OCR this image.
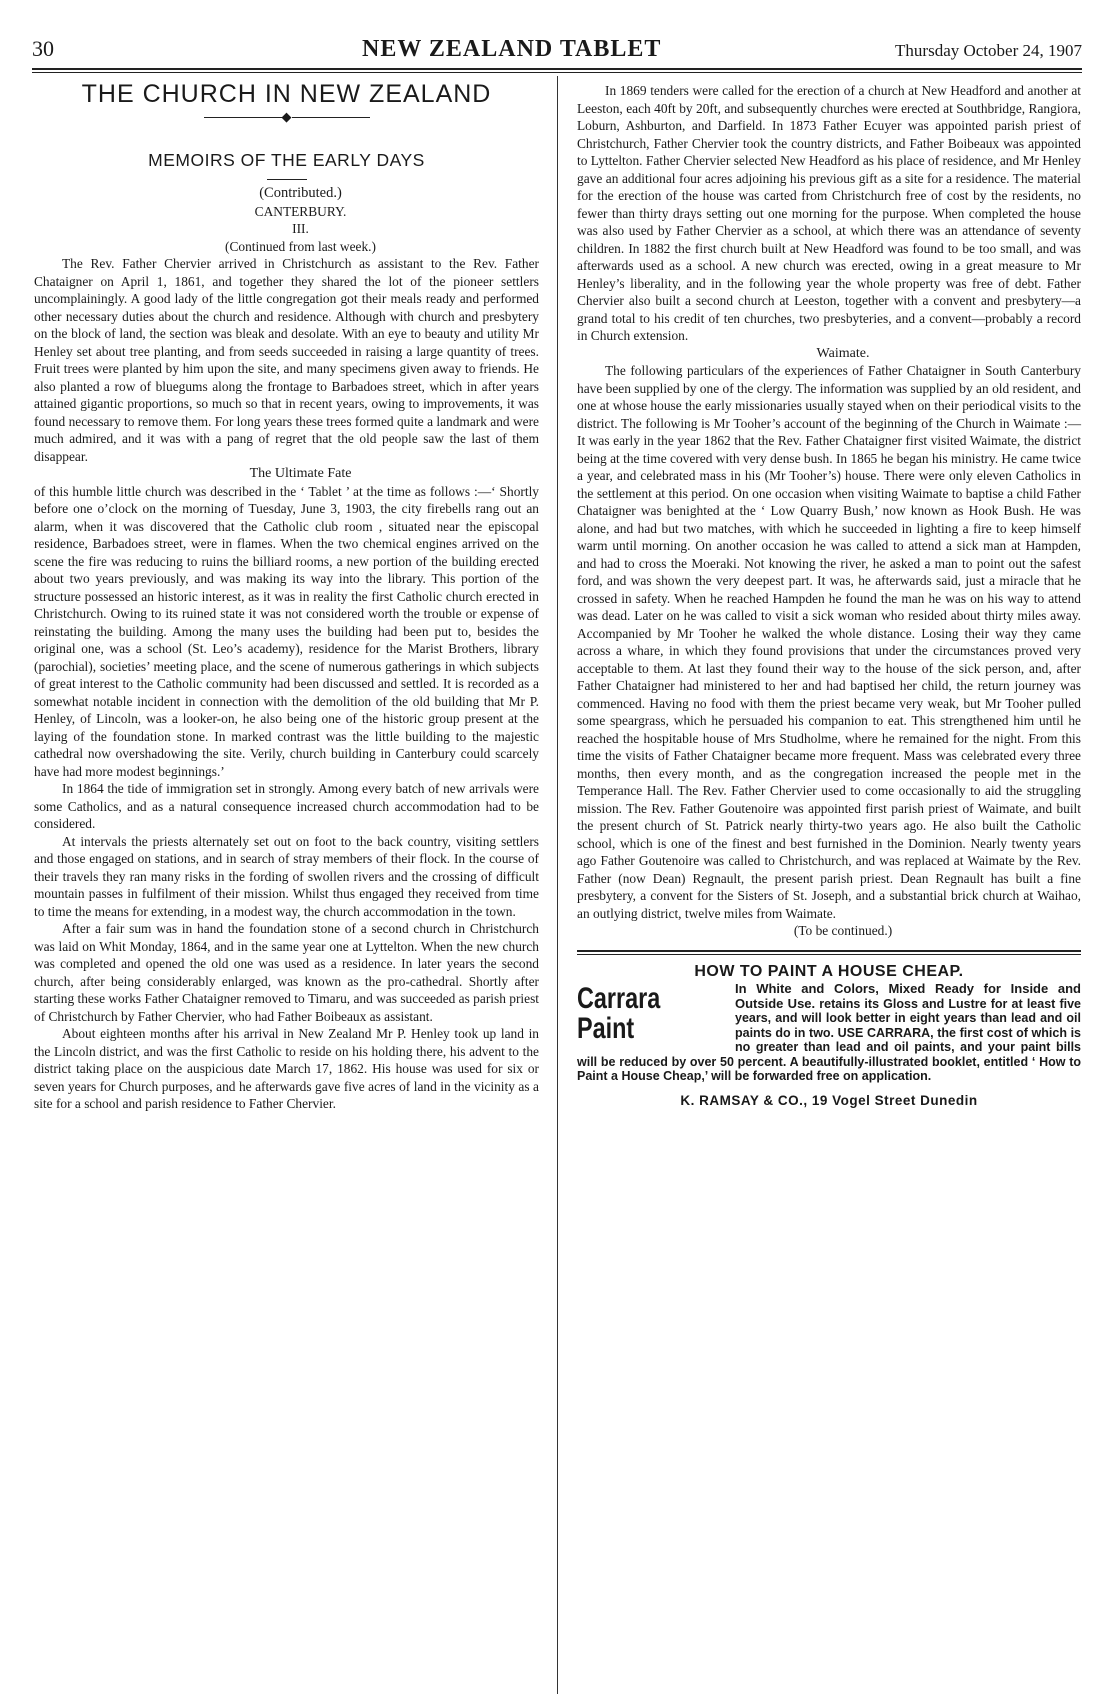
30	NEW ZEALAND TABLET	Thursday October 24, 1907
THE CHURCH IN NEW ZEALAND
◆
MEMOIRS OF THE EARLY DAYS

(Contributed.)

CANTERBURY.

III.

(Continued from last week.)

The Rev. Father Chervier arrived in Christchurch as assistant to the Rev. Father Chataigner on April 1, 1861, and together they shared the lot of the pioneer settlers uncomplainingly. A good lady of the little congregation got their meals ready and performed other necessary duties about the church and residence. Although with church and presbytery on the block of land, the section was bleak and desolate. With an eye to beauty and utility Mr Henley set about tree planting, and from seeds succeeded in raising a large quantity of trees. Fruit trees were planted by him upon the site, and many specimens given away to friends. He also planted a row of bluegums along the frontage to Barbadoes street, which in after years attained gigantic proportions, so much so that in recent years, owing to improvements, it was found necessary to remove them. For long years these trees formed quite a landmark and were much admired, and it was with a pang of regret that the old people saw the last of them disappear.

The Ultimate Fate

of this humble little church was described in the ‘ Tablet ’ at the time as follows :—‘ Shortly before one o’clock on the morning of Tuesday, June 3, 1903, the city firebells rang out an alarm, when it was discovered that the Catholic club room , situated near the episcopal residence, Barbadoes street, were in flames. When the two chemical engines arrived on the scene the fire was reducing to ruins the billiard rooms, a new portion of the building erected about two years previously, and was making its way into the library. This portion of the structure possessed an historic interest, as it was in reality the first Catholic church erected in Christchurch. Owing to its ruined state it was not considered worth the trouble or expense of reinstating the building. Among the many uses the building had been put to, besides the original one, was a school (St. Leo’s academy), residence for the Marist Brothers, library (parochial), societies’ meeting place, and the scene of numerous gatherings in which subjects of great interest to the Catholic community had been discussed and settled. It is recorded as a somewhat notable incident in connection with the demolition of the old building that Mr P. Henley, of Lincoln, was a looker-on, he also being one of the historic group present at the laying of the foundation stone. In marked contrast was the little building to the majestic cathedral now overshadowing the site. Verily, church building in Canterbury could scarcely have had more modest beginnings.’

In 1864 the tide of immigration set in strongly. Among every batch of new arrivals were some Catholics, and as a natural consequence increased church accommodation had to be considered.

At intervals the priests alternately set out on foot to the back country, visiting settlers and those engaged on stations, and in search of stray members of their flock. In the course of their travels they ran many risks in the fording of swollen rivers and the crossing of difficult mountain passes in fulfilment of their mission. Whilst thus engaged they received from time to time the means for extending, in a modest way, the church accommodation in the town.

After a fair sum was in hand the foundation stone of a second church in Christchurch was laid on Whit Monday, 1864, and in the same year one at Lyttelton. When the new church was completed and opened the old one was used as a residence. In later years the second church, after being considerably enlarged, was known as the pro-cathedral. Shortly after starting these works Father Chataigner removed to Timaru, and was succeeded as parish priest of Christchurch by Father Chervier, who had Father Boibeaux as assistant.

About eighteen months after his arrival in New Zealand Mr P. Henley took up land in the Lincoln district, and was the first Catholic to reside on his holding there, his advent to the district taking place on the auspicious date March 17, 1862. His house was used for six or seven years for Church purposes, and he afterwards gave five acres of land in the vicinity as a site for a school and parish residence to Father Chervier.

In 1869 tenders were called for the erection of a church at New Headford and another at Leeston, each 40ft by 20ft, and subsequently churches were erected at Southbridge, Rangiora, Loburn, Ashburton, and Darfield. In 1873 Father Ecuyer was appointed parish priest of Christchurch, Father Chervier took the country districts, and Father Boibeaux was appointed to Lyttelton. Father Chervier selected New Headford as his place of residence, and Mr Henley gave an additional four acres adjoining his previous gift as a site for a residence. The material for the erection of the house was carted from Christchurch free of cost by the residents, no fewer than thirty drays setting out one morning for the purpose. When completed the house was also used by Father Chervier as a school, at which there was an attendance of seventy children. In 1882 the first church built at New Headford was found to be too small, and was afterwards used as a school. A new church was erected, owing in a great measure to Mr Henley’s liberality, and in the following year the whole property was free of debt. Father Chervier also built a second church at Leeston, together with a convent and presbytery—a grand total to his credit of ten churches, two presbyteries, and a convent—probably a record in Church extension.

Waimate.

The following particulars of the experiences of Father Chataigner in South Canterbury have been supplied by one of the clergy. The information was supplied by an old resident, and one at whose house the early missionaries usually stayed when on their periodical visits to the district. The following is Mr Tooher’s account of the beginning of the Church in Waimate :—It was early in the year 1862 that the Rev. Father Chataigner first visited Waimate, the district being at the time covered with very dense bush. In 1865 he began his ministry. He came twice a year, and celebrated mass in his (Mr Tooher’s) house. There were only eleven Catholics in the settlement at this period. On one occasion when visiting Waimate to baptise a child Father Chataigner was benighted at the ‘ Low Quarry Bush,’ now known as Hook Bush. He was alone, and had but two matches, with which he succeeded in lighting a fire to keep himself warm until morning. On another occasion he was called to attend a sick man at Hampden, and had to cross the Moeraki. Not knowing the river, he asked a man to point out the safest ford, and was shown the very deepest part. It was, he afterwards said, just a miracle that he crossed in safety. When he reached Hampden he found the man he was on his way to attend was dead. Later on he was called to visit a sick woman who resided about thirty miles away. Accompanied by Mr Tooher he walked the whole distance. Losing their way they came across a whare, in which they found provisions that under the circumstances proved very acceptable to them. At last they found their way to the house of the sick person, and, after Father Chataigner had ministered to her and had baptised her child, the return journey was commenced. Having no food with them the priest became very weak, but Mr Tooher pulled some speargrass, which he persuaded his companion to eat. This strengthened him until he reached the hospitable house of Mrs Studholme, where he remained for the night. From this time the visits of Father Chataigner became more frequent. Mass was celebrated every three months, then every month, and as the congregation increased the people met in the Temperance Hall. The Rev. Father Chervier used to come occasionally to aid the struggling mission. The Rev. Father Goutenoire was appointed first parish priest of Waimate, and built the present church of St. Patrick nearly thirty-two years ago. He also built the Catholic school, which is one of the finest and best furnished in the Dominion. Nearly twenty years ago Father Goutenoire was called to Christchurch, and was replaced at Waimate by the Rev. Father (now Dean) Regnault, the present parish priest. Dean Regnault has built a fine presbytery, a convent for the Sisters of St. Joseph, and a substantial brick church at Waihao, an outlying district, twelve miles from Waimate.

(To be continued.)

HOW TO PAINT A HOUSE CHEAP.
Carrara Paint
In White and Colors, Mixed Ready for Inside and Outside Use. retains its Gloss and Lustre for at least five years, and will look better in eight years than lead and oil paints do in two. USE CARRARA, the first cost of which is no greater than lead and oil paints, and your paint bills will be reduced by over 50 percent. A beautifully-illustrated booklet, entitled ‘ How to Paint a House Cheap,’ will be forwarded free on application.
K. RAMSAY & CO., 19 Vogel Street Dunedin
